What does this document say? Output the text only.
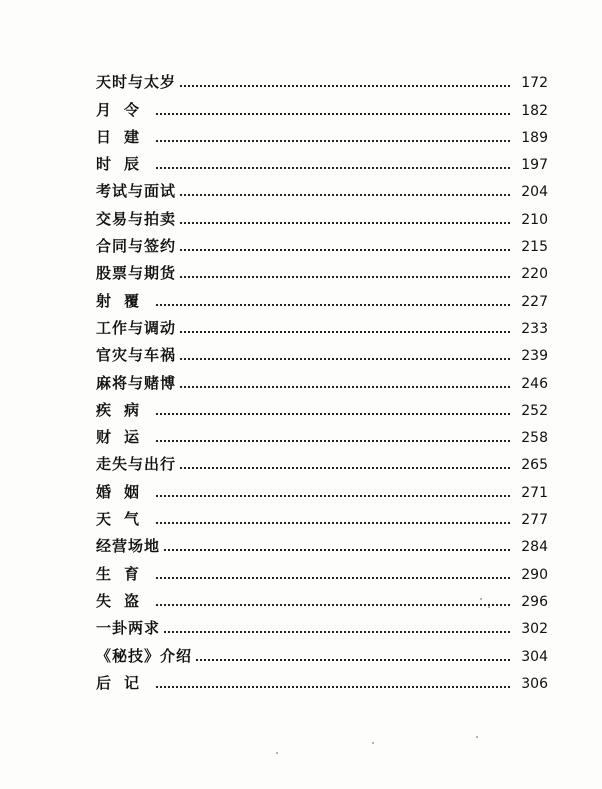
天时与太岁	172
月令	182
日建	189
时辰	197
考试与面试	204
交易与拍卖	210
合同与签约	215
股票与期货	220
射覆	227
工作与调动	233
官灾与车祸	239
麻将与赌博	246
疾病	252
财运	258
走失与出行	265
婚姻	271
天气	277
经营场地	284
生育	290
失盗	296
一卦两求	302
《秘技》介绍	304
后记	306
